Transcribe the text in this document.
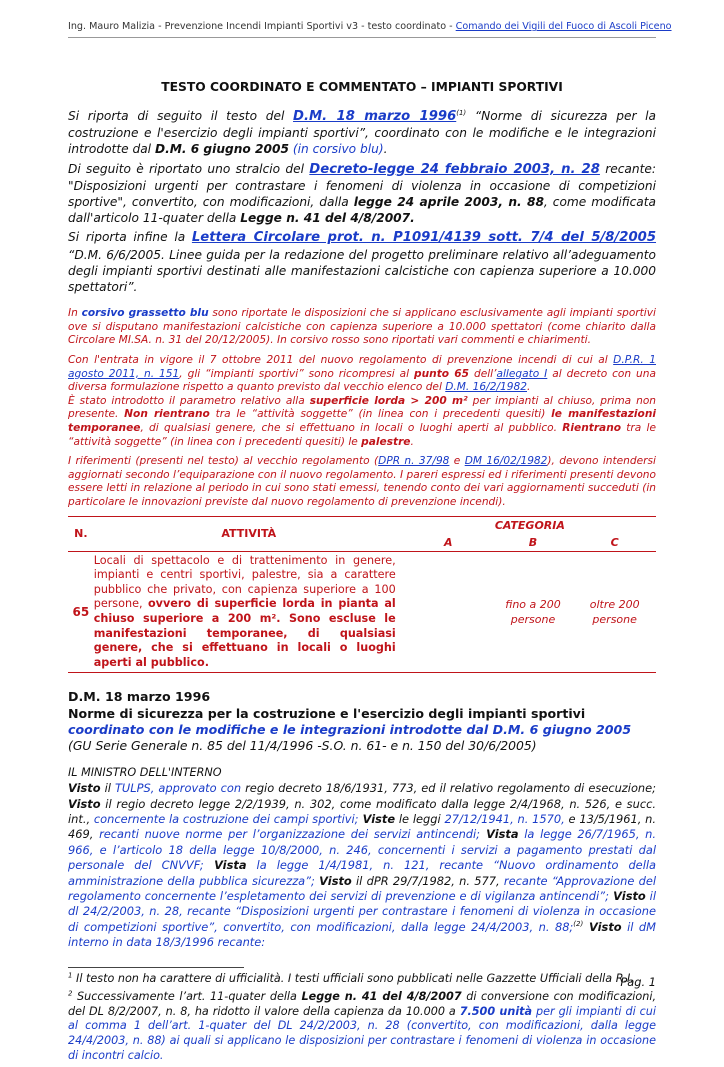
Ing. Mauro Malizia - Prevenzione Incendi Impianti Sportivi v3 - testo coordinato - Comando dei Vigili del Fuoco di Ascoli Piceno
TESTO COORDINATO E COMMENTATO – IMPIANTI SPORTIVI

Si riporta di seguito il testo del D.M. 18 marzo 1996$^{(1)}$ “Norme di sicurezza per la costruzione e l'esercizio degli impianti sportivi”, coordinato con le modifiche e le integrazioni introdotte dal D.M. 6 giugno 2005 (in corsivo blu).

Di seguito è riportato uno stralcio del Decreto-legge 24 febbraio 2003, n. 28 recante: "Disposizioni urgenti per contrastare i fenomeni di violenza in occasione di competizioni sportive", convertito, con modificazioni, dalla legge 24 aprile 2003, n. 88, come modificata dall'articolo 11-quater della Legge n. 41 del 4/8/2007.

Si riporta infine la Lettera Circolare prot. n. P1091/4139 sott. 7/4 del 5/8/2005 “D.M. 6/6/2005. Linee guida per la redazione del progetto preliminare relativo all’adeguamento degli impianti sportivi destinati alle manifestazioni calcistiche con capienza superiore a 10.000 spettatori”.

In corsivo grassetto blu sono riportate le disposizioni che si applicano esclusivamente agli impianti sportivi ove si disputano manifestazioni calcistiche con capienza superiore a 10.000 spettatori (come chiarito dalla Circolare MI.SA. n. 31 del 20/12/2005). In corsivo rosso sono riportati vari commenti e chiarimenti.

Con l'entrata in vigore il 7 ottobre 2011 del nuovo regolamento di prevenzione incendi di cui al D.P.R. 1 agosto 2011, n. 151, gli “impianti sportivi” sono ricompresi al punto 65 dell’allegato I al decreto con una diversa formulazione rispetto a quanto previsto dal vecchio elenco del D.M. 16/2/1982.

È stato introdotto il parametro relativo alla superficie lorda > 200 m² per impianti al chiuso, prima non presente. Non rientrano tra le “attività soggette” (in linea con i precedenti quesiti) le manifestazioni temporanee, di qualsiasi genere, che si effettuano in locali o luoghi aperti al pubblico. Rientrano tra le “attività soggette” (in linea con i precedenti quesiti) le palestre.

I riferimenti (presenti nel testo) al vecchio regolamento (DPR n. 37/98 e DM 16/02/1982), devono intendersi aggiornati secondo l’equiparazione con il nuovo regolamento. I pareri espressi ed i riferimenti presenti devono essere letti in relazione al periodo in cui sono stati emessi, tenendo conto dei vari aggiornamenti succeduti (in particolare le innovazioni previste dal nuovo regolamento di prevenzione incendi).

N.	ATTIVITÀ	CATEGORIA		
		A	B	C
65	Locali di spettacolo e di trattenimento in genere, impianti e centri sportivi, palestre, sia a carattere pubblico che privato, con capienza superiore a 100 persone, ovvero di superficie lorda in pianta al chiuso superiore a 200 m². Sono escluse le manifestazioni temporanee, di qualsiasi genere, che si effettuano in locali o luoghi aperti al pubblico.		fino a 200 persone	oltre 200 persone
D.M. 18 marzo 1996
Norme di sicurezza per la costruzione e l'esercizio degli impianti sportivi coordinato con le modifiche e le integrazioni introdotte dal D.M. 6 giugno 2005
(GU Serie Generale n. 85 del 11/4/1996 -S.O. n. 61- e n. 150 del 30/6/2005)
IL MINISTRO DELL'INTERNO
Visto il TULPS, approvato con regio decreto 18/6/1931, 773, ed il relativo regolamento di esecuzione; Visto il regio decreto legge 2/2/1939, n. 302, come modificato dalla legge 2/4/1968, n. 526, e succ. int., concernente la costruzione dei campi sportivi; Viste le leggi 27/12/1941, n. 1570, e 13/5/1961, n. 469, recanti nuove norme per l’organizzazione dei servizi antincendi; Vista la legge 26/7/1965, n. 966, e l’articolo 18 della legge 10/8/2000, n. 246, concernenti i servizi a pagamento prestati dal personale del CNVVF; Vista la legge 1/4/1981, n. 121, recante “Nuovo ordinamento della amministrazione della pubblica sicurezza”; Visto il dPR 29/7/1982, n. 577, recante “Approvazione del regolamento concernente l’espletamento dei servizi di prevenzione e di vigilanza antincendi”; Visto il dl 24/2/2003, n. 28, recante “Disposizioni urgenti per contrastare i fenomeni di violenza in occasione di competizioni sportive”, convertito, con modificazioni, dalla legge 24/4/2003, n. 88;$^{(2)}$ Visto il dM interno in data 18/3/1996 recante:

$^1$ Il testo non ha carattere di ufficialità. I testi ufficiali sono pubblicati nelle Gazzette Ufficiali della R.I.

$^2$ Successivamente l’art. 11-quater della Legge n. 41 del 4/8/2007 di conversione con modificazioni, del DL 8/2/2007, n. 8, ha ridotto il valore della capienza da 10.000 a 7.500 unità per gli impianti di cui al comma 1 dell’art. 1-quater del DL 24/2/2003, n. 28 (convertito, con modificazioni, dalla legge 24/4/2003, n. 88) ai quali si applicano le disposizioni per contrastare i fenomeni di violenza in occasione di incontri calcio.

Pag. 1
